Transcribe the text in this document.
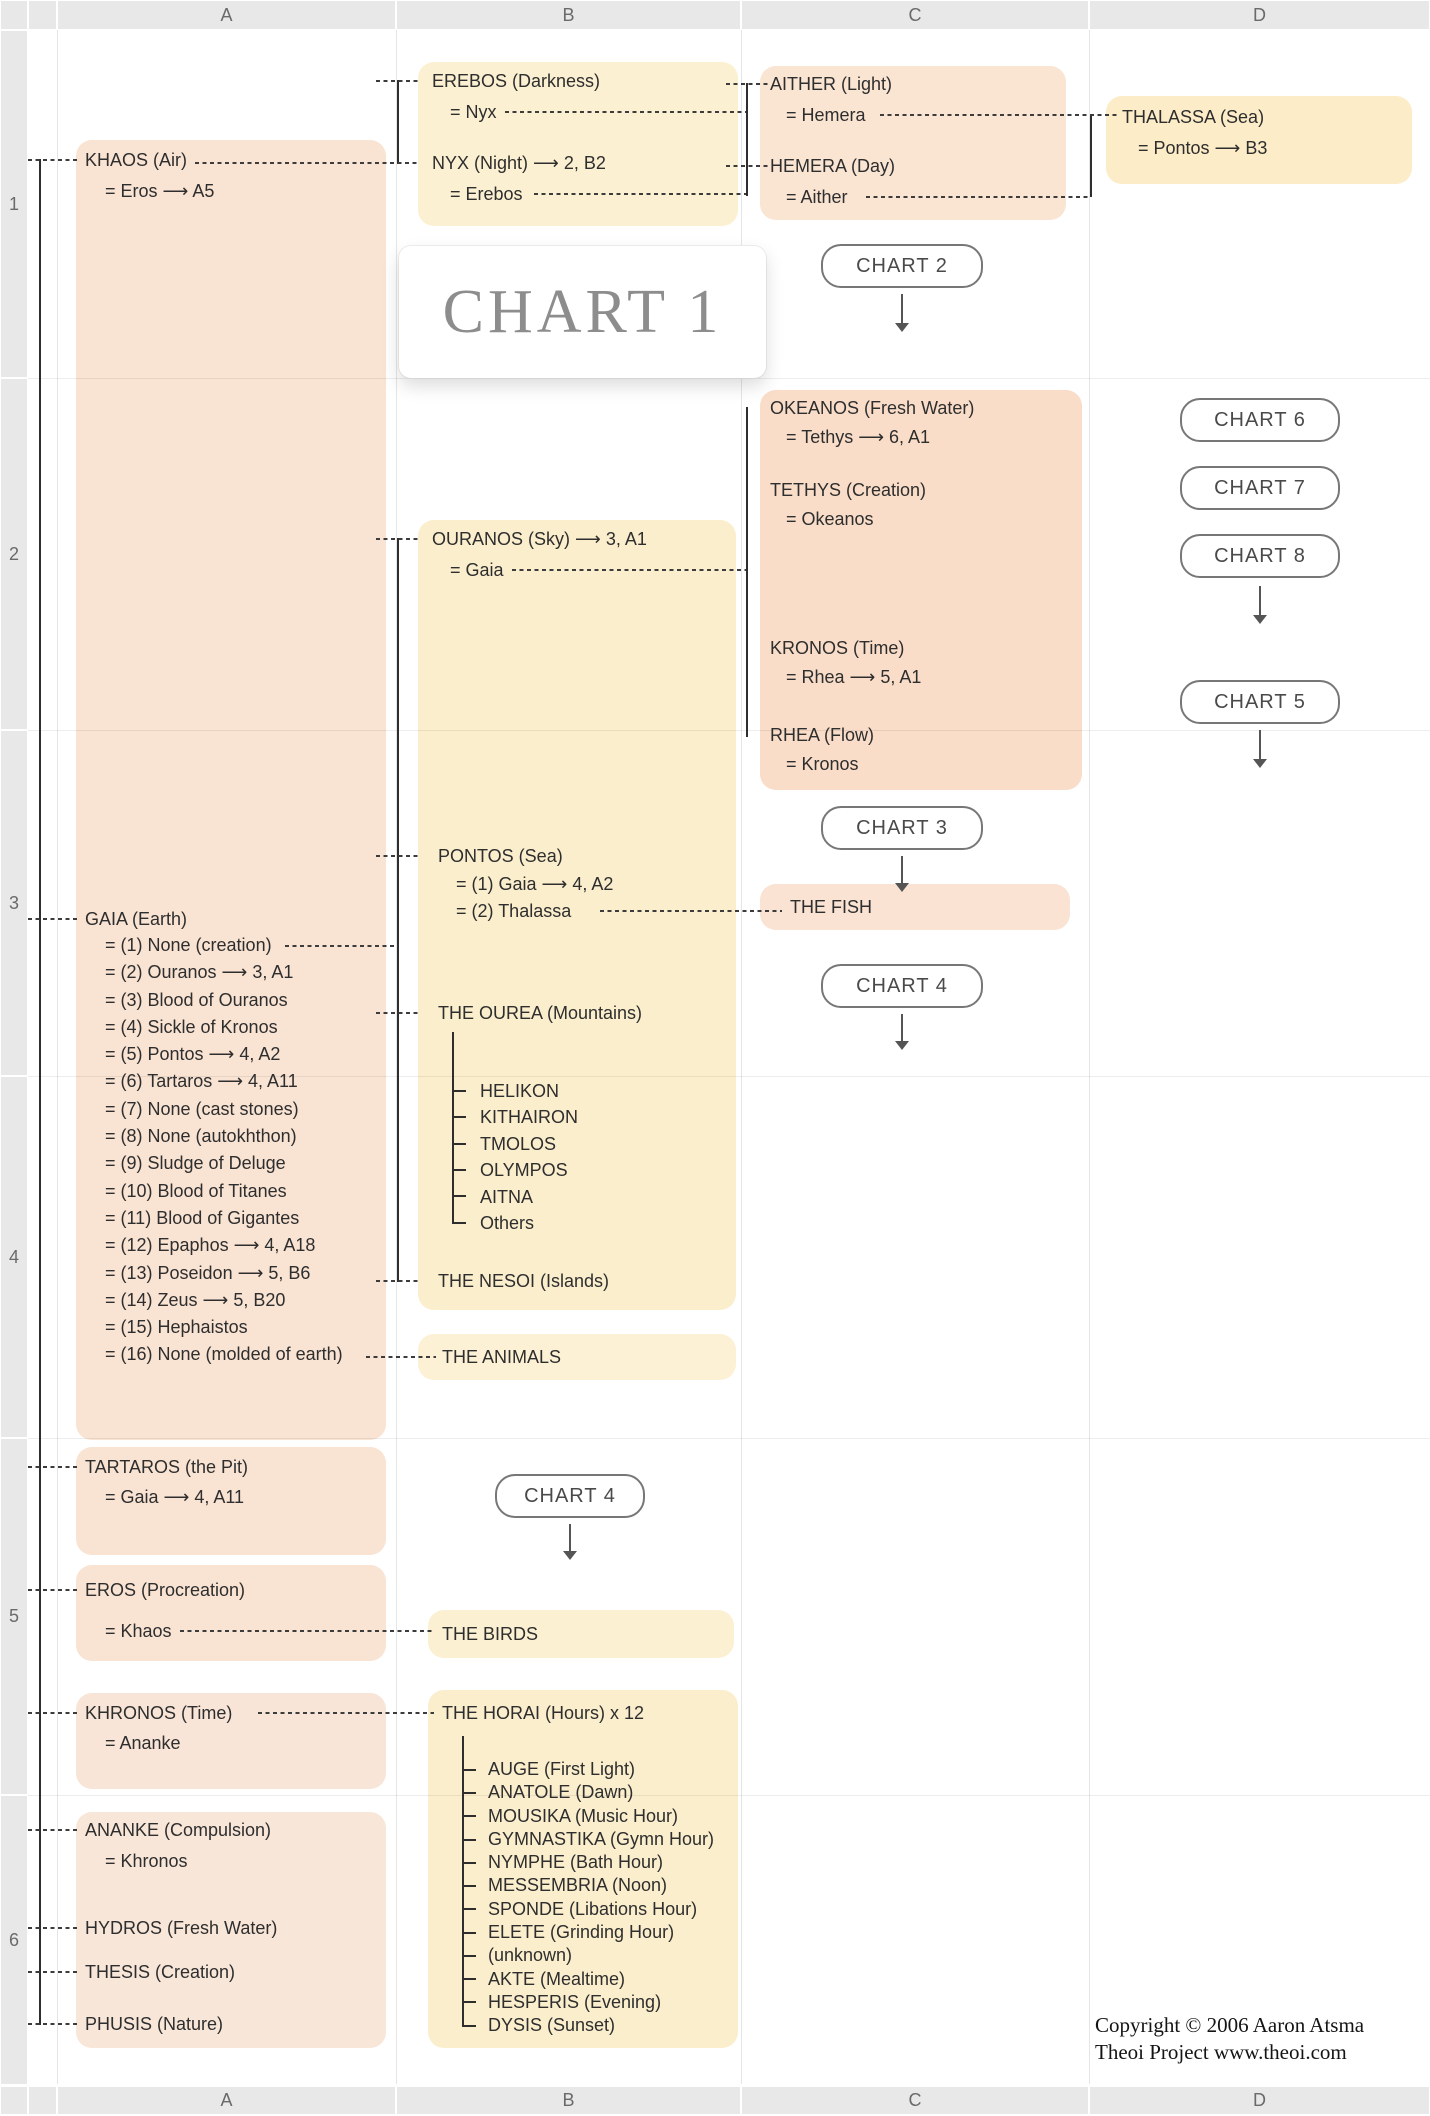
A	B	C	D
1
2
3
4
5
6
A	B	C	D
KHAOS (Air)
= Eros ⟶ A5
GAIA (Earth)
= (1) None (creation)
= (2) Ouranos ⟶ 3, A1
= (3) Blood of Ouranos
= (4) Sickle of Kronos
= (5) Pontos ⟶ 4, A2
= (6) Tartaros ⟶ 4, A11
= (7) None (cast stones)
= (8) None (autokhthon)
= (9) Sludge of Deluge
= (10) Blood of Titanes
= (11) Blood of Gigantes
= (12) Epaphos ⟶ 4, A18
= (13) Poseidon ⟶ 5, B6
= (14) Zeus ⟶ 5, B20
= (15) Hephaistos
= (16) None (molded of earth)
TARTAROS (the Pit)
= Gaia ⟶ 4, A11
EROS (Procreation)
= Khaos
KHRONOS (Time)
= Ananke
ANANKE (Compulsion)
= Khronos
HYDROS (Fresh Water)
THESIS (Creation)
PHUSIS (Nature)
EREBOS (Darkness)
= Nyx
NYX (Night) ⟶ 2, B2
= Erebos
CHART 1
OURANOS (Sky) ⟶ 3, A1
= Gaia
PONTOS (Sea)
= (1) Gaia ⟶ 4, A2
= (2) Thalassa
THE OUREA (Mountains)
HELIKON
KITHAIRON
TMOLOS
OLYMPOS
AITNA
Others
THE NESOI (Islands)
THE ANIMALS
THE BIRDS
THE HORAI (Hours) x 12
AUGE (First Light)
ANATOLE (Dawn)
MOUSIKA (Music Hour)
GYMNASTIKA (Gymn Hour)
NYMPHE (Bath Hour)
MESSEMBRIA (Noon)
SPONDE (Libations Hour)
ELETE (Grinding Hour)
(unknown)
AKTE (Mealtime)
HESPERIS (Evening)
DYSIS (Sunset)
AITHER (Light)
= Hemera
HEMERA (Day)
= Aither
OKEANOS (Fresh Water)
= Tethys ⟶ 6, A1
TETHYS (Creation)
= Okeanos
KRONOS (Time)
= Rhea ⟶ 5, A1
RHEA (Flow)
= Kronos
THE FISH
THALASSA (Sea)
= Pontos ⟶ B3
CHART 2
CHART 6
CHART 7
CHART 8
CHART 5
CHART 3
CHART 4
CHART 4
Copyright © 2006 Aaron Atsma
Theoi Project www.theoi.com
